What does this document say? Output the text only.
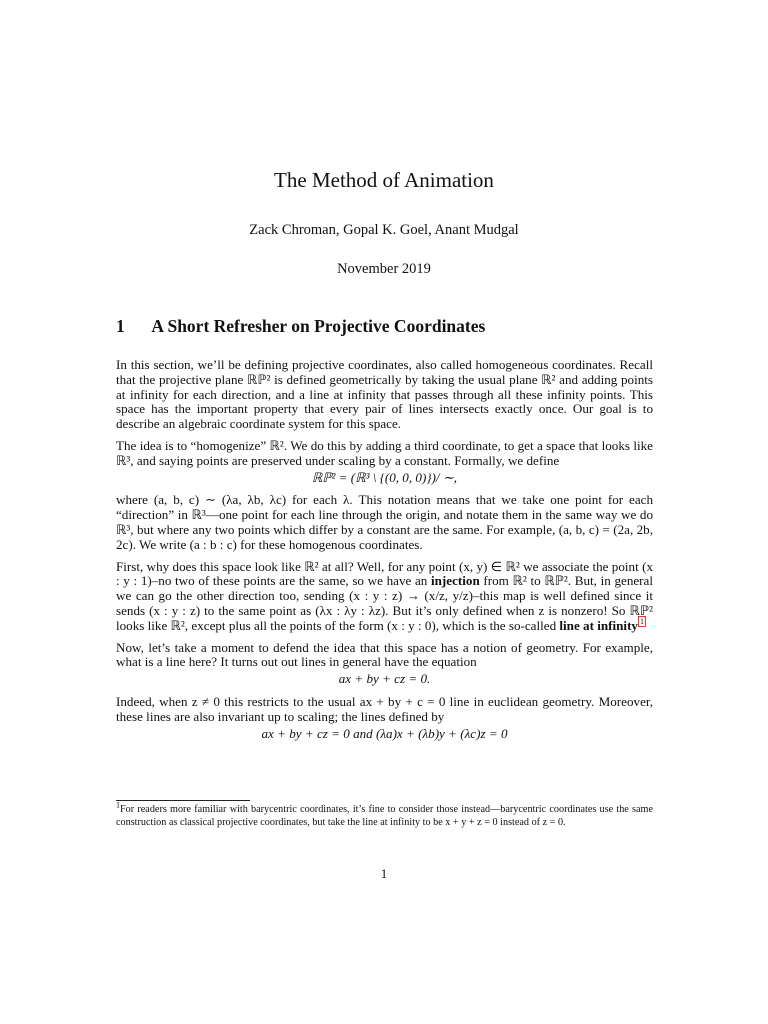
The Method of Animation
Zack Chroman, Gopal K. Goel, Anant Mudgal
November 2019
1 A Short Refresher on Projective Coordinates

In this section, we’ll be defining projective coordinates, also called homogeneous coordinates. Recall that the projective plane ℝℙ² is defined geometrically by taking the usual plane ℝ² and adding points at infinity for each direction, and a line at infinity that passes through all these infinity points. This space has the important property that every pair of lines intersects exactly once. Our goal is to describe an algebraic coordinate system for this space.

The idea is to “homogenize” ℝ². We do this by adding a third coordinate, to get a space that looks like ℝ³, and saying points are preserved under scaling by a constant. Formally, we define

ℝℙ² = (ℝ³ \ {(0, 0, 0)})/ ∼,

where (a, b, c) ∼ (λa, λb, λc) for each λ. This notation means that we take one point for each “direction” in ℝ³—one point for each line through the origin, and notate them in the same way we do ℝ³, but where any two points which differ by a constant are the same. For example, (a, b, c) = (2a, 2b, 2c). We write (a : b : c) for these homogenous coordinates.

First, why does this space look like ℝ² at all? Well, for any point (x, y) ∈ ℝ² we associate the point (x : y : 1)–no two of these points are the same, so we have an injection from ℝ² to ℝℙ². But, in general we can go the other direction too, sending (x : y : z) → (x/z, y/z)–this map is well defined since it sends (x : y : z) to the same point as (λx : λy : λz). But it’s only defined when z is nonzero! So ℝℙ² looks like ℝ², except plus all the points of the form (x : y : 0), which is the so-called line at infinity $^1$

Now, let’s take a moment to defend the idea that this space has a notion of geometry. For example, what is a line here? It turns out out lines in general have the equation

ax + by + cz = 0.

Indeed, when z ≠ 0 this restricts to the usual ax + by + c = 0 line in euclidean geometry. Moreover, these lines are also invariant up to scaling; the lines defined by

ax + by + cz = 0 and (λa)x + (λb)y + (λc)z = 0
$^1$For readers more familiar with barycentric coordinates, it’s fine to consider those instead—barycentric coordinates use the same construction as classical projective coordinates, but take the line at infinity to be x + y + z = 0 instead of z = 0.
1
